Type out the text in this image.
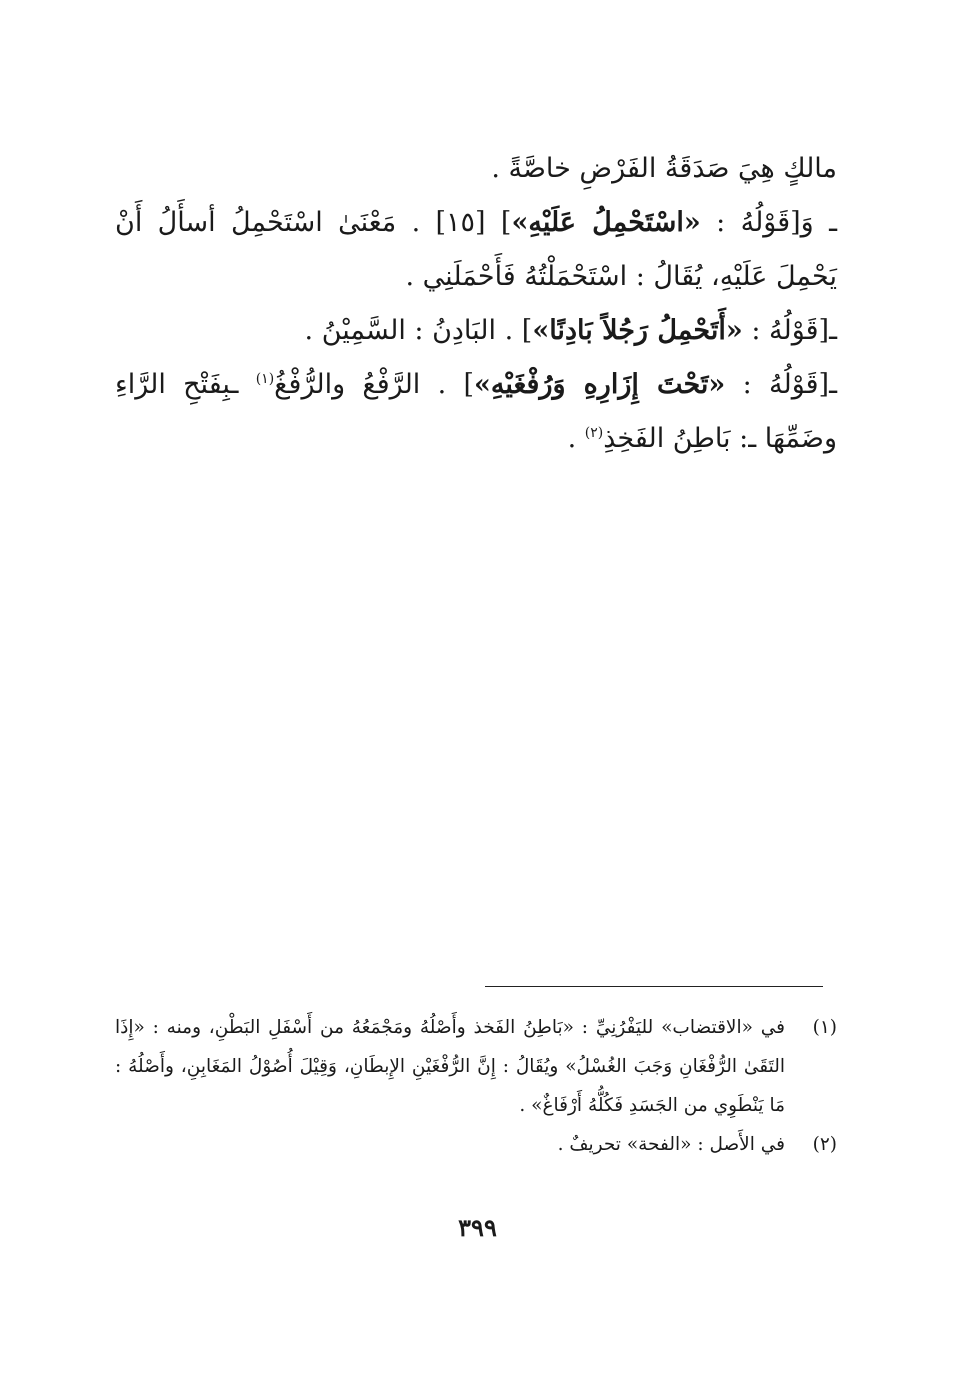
مالكٍ هِيَ صَدَقَةُ الفَرْضِ خاصَّةً .

ـ وَ[قَوْلُهُ : «اسْتَحْمِلُ عَلَيْهِ»] [١٥] . مَعْنَىٰ اسْتَحْمِلُ أسأَلُ أَنْ يَحْمِلَ عَلَيْهِ، يُقَالُ : اسْتَحْمَلْتُهُ فَأَحْمَلَنِي .

ـ[قَوْلُهُ : «أَتَحْمِلُ رَجُلاً بَادِنًا»] . البَادِنُ : السَّمِيْنُ .

ـ[قَوْلُهُ : «تَحْتَ إِزَارِهِ وَرُفْغَيْهِ»] . الرَّفْعُ والرُّفْغُ$^{(١)}$ ـبِفَتْحِ الرَّاءِ وضَمِّهَا ـ: بَاطِنُ الفَخِذِ$^{(٢)}$ .

(١)
في «الاقتضاب» لليَفْرُنِيِّ : «بَاطِنُ الفَخذ وأَصْلُهُ ومَجْمَعُهُ من أَسْفَلِ البَطْنِ، ومنه : «إِذَا التَقَىٰ الرُّفْغَانِ وَجَبَ الغُسْلُ» ويُقَالُ : إِنَّ الرُّفْغَيْنِ الإِبطَانِ، وَقِيْلَ أُصُوْلُ المَغَابِنِ، وأَصْلُهُ : مَا يَنْطَوِي من الجَسَدِ فَكُلُّهُ أَرْفَاغٌ» .
(٢)
في الأَصل : «الفحة» تحريفٌ .
٣٩٩
